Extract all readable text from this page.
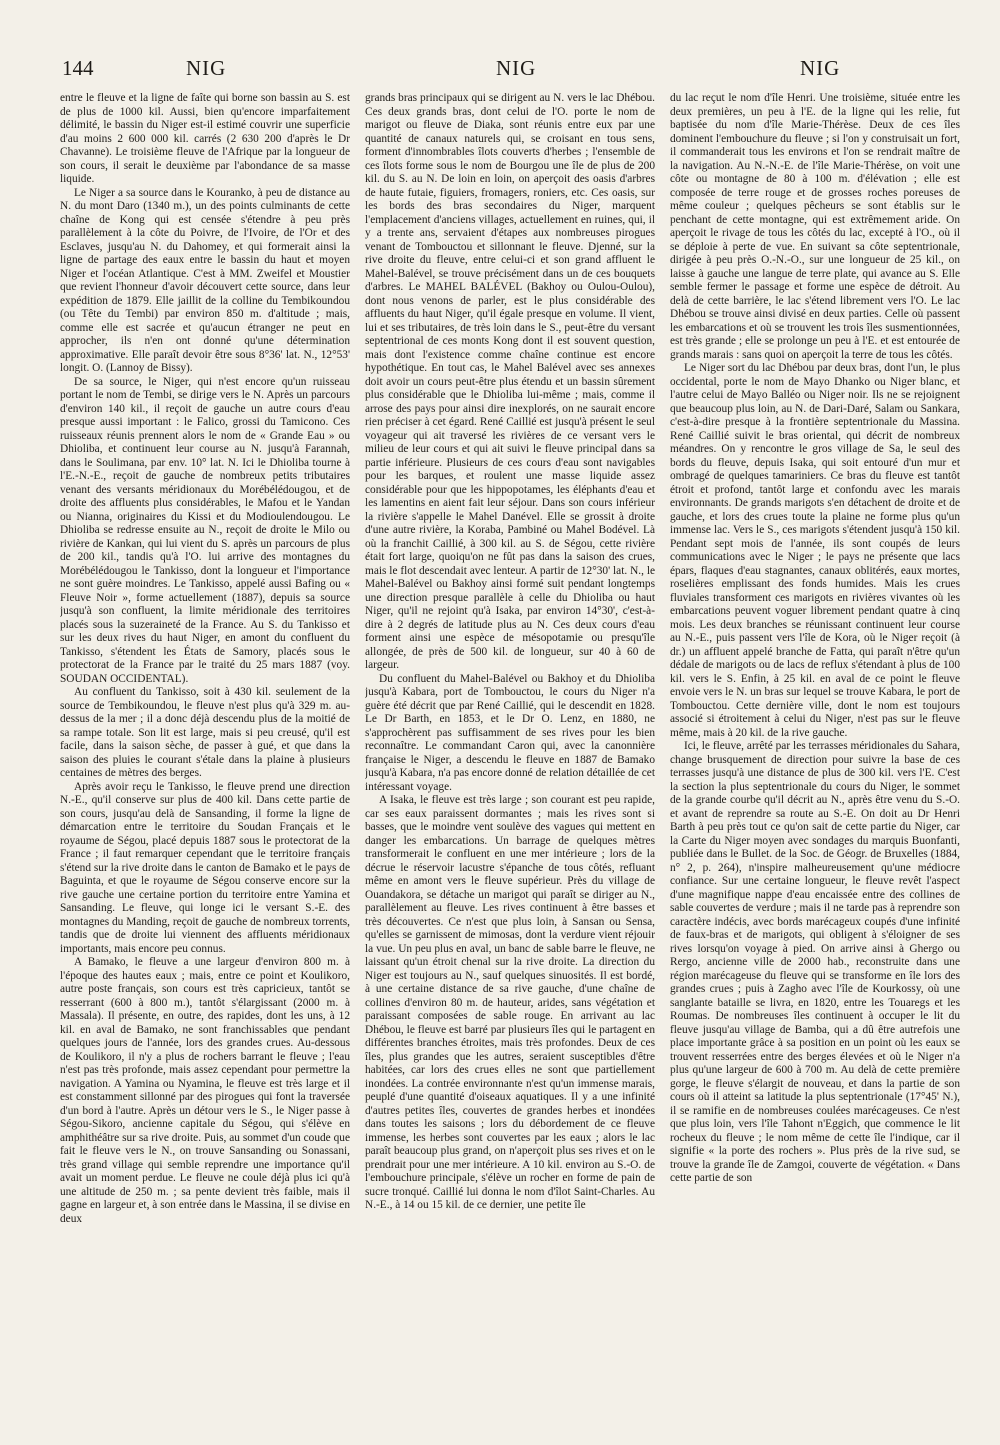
144	NIG	NIG	NIG

entre le fleuve et la ligne de faîte qui borne son bassin au S. est de plus de 1000 kil. Aussi, bien qu'encore imparfaitement délimité, le bassin du Niger est-il estimé couvrir une superficie d'au moins 2 600 000 kil. carrés (2 630 200 d'après le Dr Chavanne). Le troisième fleuve de l'Afrique par la longueur de son cours, il serait le deuxième par l'abondance de sa masse liquide.

Le Niger a sa source dans le Kouranko, à peu de distance au N. du mont Daro (1340 m.), un des points culminants de cette chaîne de Kong qui est censée s'étendre à peu près parallèlement à la côte du Poivre, de l'Ivoire, de l'Or et des Esclaves, jusqu'au N. du Dahomey, et qui formerait ainsi la ligne de partage des eaux entre le bassin du haut et moyen Niger et l'océan Atlantique. C'est à MM. Zweifel et Moustier que revient l'honneur d'avoir découvert cette source, dans leur expédition de 1879. Elle jaillit de la colline du Tembikoundou (ou Tête du Tembi) par environ 850 m. d'altitude ; mais, comme elle est sacrée et qu'aucun étranger ne peut en approcher, ils n'en ont donné qu'une détermination approximative. Elle paraît devoir être sous 8°36' lat. N., 12°53' longit. O. (Lannoy de Bissy).

De sa source, le Niger, qui n'est encore qu'un ruisseau portant le nom de Tembi, se dirige vers le N. Après un parcours d'environ 140 kil., il reçoit de gauche un autre cours d'eau presque aussi important : le Falico, grossi du Tamicono. Ces ruisseaux réunis prennent alors le nom de « Grande Eau » ou Dhioliba, et continuent leur course au N. jusqu'à Farannah, dans le Soulimana, par env. 10° lat. N. Ici le Dhioliba tourne à l'E.-N.-E., reçoit de gauche de nombreux petits tributaires venant des versants méridionaux du Morébélédougou, et de droite des affluents plus considérables, le Mafou et le Yandan ou Nianna, originaires du Kissi et du Modioulendougou. Le Dhioliba se redresse ensuite au N., reçoit de droite le Milo ou rivière de Kankan, qui lui vient du S. après un parcours de plus de 200 kil., tandis qu'à l'O. lui arrive des montagnes du Morébélédougou le Tankisso, dont la longueur et l'importance ne sont guère moindres. Le Tankisso, appelé aussi Bafing ou « Fleuve Noir », forme actuellement (1887), depuis sa source jusqu'à son confluent, la limite méridionale des territoires placés sous la suzeraineté de la France. Au S. du Tankisso et sur les deux rives du haut Niger, en amont du confluent du Tankisso, s'étendent les États de Samory, placés sous le protectorat de la France par le traité du 25 mars 1887 (voy. SOUDAN OCCIDENTAL).

Au confluent du Tankisso, soit à 430 kil. seulement de la source de Tembikoundou, le fleuve n'est plus qu'à 329 m. au-dessus de la mer ; il a donc déjà descendu plus de la moitié de sa rampe totale. Son lit est large, mais si peu creusé, qu'il est facile, dans la saison sèche, de passer à gué, et que dans la saison des pluies le courant s'étale dans la plaine à plusieurs centaines de mètres des berges.

Après avoir reçu le Tankisso, le fleuve prend une direction N.-E., qu'il conserve sur plus de 400 kil. Dans cette partie de son cours, jusqu'au delà de Sansanding, il forme la ligne de démarcation entre le territoire du Soudan Français et le royaume de Ségou, placé depuis 1887 sous le protectorat de la France ; il faut remarquer cependant que le territoire français s'étend sur la rive droite dans le canton de Bamako et le pays de Baguinta, et que le royaume de Ségou conserve encore sur la rive gauche une certaine portion du territoire entre Yamina et Sansanding. Le fleuve, qui longe ici le versant S.-E. des montagnes du Manding, reçoit de gauche de nombreux torrents, tandis que de droite lui viennent des affluents méridionaux importants, mais encore peu connus.

A Bamako, le fleuve a une largeur d'environ 800 m. à l'époque des hautes eaux ; mais, entre ce point et Koulikoro, autre poste français, son cours est très capricieux, tantôt se resserrant (600 à 800 m.), tantôt s'élargissant (2000 m. à Massala). Il présente, en outre, des rapides, dont les uns, à 12 kil. en aval de Bamako, ne sont franchissables que pendant quelques jours de l'année, lors des grandes crues. Au-dessous de Koulikoro, il n'y a plus de rochers barrant le fleuve ; l'eau n'est pas très profonde, mais assez cependant pour permettre la navigation. A Yamina ou Nyamina, le fleuve est très large et il est constamment sillonné par des pirogues qui font la traversée d'un bord à l'autre. Après un détour vers le S., le Niger passe à Ségou-Sikoro, ancienne capitale du Ségou, qui s'élève en amphithéâtre sur sa rive droite. Puis, au sommet d'un coude que fait le fleuve vers le N., on trouve Sansanding ou Sonassani, très grand village qui semble reprendre une importance qu'il avait un moment perdue. Le fleuve ne coule déjà plus ici qu'à une altitude de 250 m. ; sa pente devient très faible, mais il gagne en largeur et, à son entrée dans le Massina, il se divise en deux

grands bras principaux qui se dirigent au N. vers le lac Dhébou. Ces deux grands bras, dont celui de l'O. porte le nom de marigot ou fleuve de Diaka, sont réunis entre eux par une quantité de canaux naturels qui, se croisant en tous sens, forment d'innombrables îlots couverts d'herbes ; l'ensemble de ces îlots forme sous le nom de Bourgou une île de plus de 200 kil. du S. au N. De loin en loin, on aperçoit des oasis d'arbres de haute futaie, figuiers, fromagers, roniers, etc. Ces oasis, sur les bords des bras secondaires du Niger, marquent l'emplacement d'anciens villages, actuellement en ruines, qui, il y a trente ans, servaient d'étapes aux nombreuses pirogues venant de Tombouctou et sillonnant le fleuve. Djenné, sur la rive droite du fleuve, entre celui-ci et son grand affluent le Mahel-Balével, se trouve précisément dans un de ces bouquets d'arbres. Le MAHEL BALÉVEL (Bakhoy ou Oulou-Oulou), dont nous venons de parler, est le plus considérable des affluents du haut Niger, qu'il égale presque en volume. Il vient, lui et ses tributaires, de très loin dans le S., peut-être du versant septentrional de ces monts Kong dont il est souvent question, mais dont l'existence comme chaîne continue est encore hypothétique. En tout cas, le Mahel Balével avec ses annexes doit avoir un cours peut-être plus étendu et un bassin sûrement plus considérable que le Dhioliba lui-même ; mais, comme il arrose des pays pour ainsi dire inexplorés, on ne saurait encore rien préciser à cet égard. René Caillié est jusqu'à présent le seul voyageur qui ait traversé les rivières de ce versant vers le milieu de leur cours et qui ait suivi le fleuve principal dans sa partie inférieure. Plusieurs de ces cours d'eau sont navigables pour les barques, et roulent une masse liquide assez considérable pour que les hippopotames, les éléphants d'eau et les lamentins en aient fait leur séjour. Dans son cours inférieur la rivière s'appelle le Mahel Danével. Elle se grossit à droite d'une autre rivière, la Koraba, Pambiné ou Mahel Bodével. Là où la franchit Caillié, à 300 kil. au S. de Ségou, cette rivière était fort large, quoiqu'on ne fût pas dans la saison des crues, mais le flot descendait avec lenteur. A partir de 12°30' lat. N., le Mahel-Balével ou Bakhoy ainsi formé suit pendant longtemps une direction presque parallèle à celle du Dhioliba ou haut Niger, qu'il ne rejoint qu'à Isaka, par environ 14°30', c'est-à-dire à 2 degrés de latitude plus au N. Ces deux cours d'eau forment ainsi une espèce de mésopotamie ou presqu'île allongée, de près de 500 kil. de longueur, sur 40 à 60 de largeur.

Du confluent du Mahel-Balével ou Bakhoy et du Dhioliba jusqu'à Kabara, port de Tombouctou, le cours du Niger n'a guère été décrit que par René Caillié, qui le descendit en 1828. Le Dr Barth, en 1853, et le Dr O. Lenz, en 1880, ne s'approchèrent pas suffisamment de ses rives pour les bien reconnaître. Le commandant Caron qui, avec la canonnière française le Niger, a descendu le fleuve en 1887 de Bamako jusqu'à Kabara, n'a pas encore donné de relation détaillée de cet intéressant voyage.

A Isaka, le fleuve est très large ; son courant est peu rapide, car ses eaux paraissent dormantes ; mais les rives sont si basses, que le moindre vent soulève des vagues qui mettent en danger les embarcations. Un barrage de quelques mètres transformerait le confluent en une mer intérieure ; lors de la décrue le réservoir lacustre s'épanche de tous côtés, refluant même en amont vers le fleuve supérieur. Près du village de Ouandakora, se détache un marigot qui paraît se diriger au N., parallèlement au fleuve. Les rives continuent à être basses et très découvertes. Ce n'est que plus loin, à Sansan ou Sensa, qu'elles se garnissent de mimosas, dont la verdure vient réjouir la vue. Un peu plus en aval, un banc de sable barre le fleuve, ne laissant qu'un étroit chenal sur la rive droite. La direction du Niger est toujours au N., sauf quelques sinuosités. Il est bordé, à une certaine distance de sa rive gauche, d'une chaîne de collines d'environ 80 m. de hauteur, arides, sans végétation et paraissant composées de sable rouge. En arrivant au lac Dhébou, le fleuve est barré par plusieurs îles qui le partagent en différentes branches étroites, mais très profondes. Deux de ces îles, plus grandes que les autres, seraient susceptibles d'être habitées, car lors des crues elles ne sont que partiellement inondées. La contrée environnante n'est qu'un immense marais, peuplé d'une quantité d'oiseaux aquatiques. Il y a une infinité d'autres petites îles, couvertes de grandes herbes et inondées dans toutes les saisons ; lors du débordement de ce fleuve immense, les herbes sont couvertes par les eaux ; alors le lac paraît beaucoup plus grand, on n'aperçoit plus ses rives et on le prendrait pour une mer intérieure. A 10 kil. environ au S.-O. de l'embouchure principale, s'élève un rocher en forme de pain de sucre tronqué. Caillié lui donna le nom d'îlot Saint-Charles. Au N.-E., à 14 ou 15 kil. de ce dernier, une petite île

du lac reçut le nom d'île Henri. Une troisième, située entre les deux premières, un peu à l'E. de la ligne qui les relie, fut baptisée du nom d'île Marie-Thérèse. Deux de ces îles dominent l'embouchure du fleuve ; si l'on y construisait un fort, il commanderait tous les environs et l'on se rendrait maître de la navigation. Au N.-N.-E. de l'île Marie-Thérèse, on voit une côte ou montagne de 80 à 100 m. d'élévation ; elle est composée de terre rouge et de grosses roches poreuses de même couleur ; quelques pêcheurs se sont établis sur le penchant de cette montagne, qui est extrêmement aride. On aperçoit le rivage de tous les côtés du lac, excepté à l'O., où il se déploie à perte de vue. En suivant sa côte septentrionale, dirigée à peu près O.-N.-O., sur une longueur de 25 kil., on laisse à gauche une langue de terre plate, qui avance au S. Elle semble fermer le passage et forme une espèce de détroit. Au delà de cette barrière, le lac s'étend librement vers l'O. Le lac Dhébou se trouve ainsi divisé en deux parties. Celle où passent les embarcations et où se trouvent les trois îles susmentionnées, est très grande ; elle se prolonge un peu à l'E. et est entourée de grands marais : sans quoi on aperçoit la terre de tous les côtés.

Le Niger sort du lac Dhébou par deux bras, dont l'un, le plus occidental, porte le nom de Mayo Dhanko ou Niger blanc, et l'autre celui de Mayo Balléo ou Niger noir. Ils ne se rejoignent que beaucoup plus loin, au N. de Dari-Daré, Salam ou Sankara, c'est-à-dire presque à la frontière septentrionale du Massina. René Caillié suivit le bras oriental, qui décrit de nombreux méandres. On y rencontre le gros village de Sa, le seul des bords du fleuve, depuis Isaka, qui soit entouré d'un mur et ombragé de quelques tamariniers. Ce bras du fleuve est tantôt étroit et profond, tantôt large et confondu avec les marais environnants. De grands marigots s'en détachent de droite et de gauche, et lors des crues toute la plaine ne forme plus qu'un immense lac. Vers le S., ces marigots s'étendent jusqu'à 150 kil. Pendant sept mois de l'année, ils sont coupés de leurs communications avec le Niger ; le pays ne présente que lacs épars, flaques d'eau stagnantes, canaux oblitérés, eaux mortes, roselières emplissant des fonds humides. Mais les crues fluviales transforment ces marigots en rivières vivantes où les embarcations peuvent voguer librement pendant quatre à cinq mois. Les deux branches se réunissant continuent leur course au N.-E., puis passent vers l'île de Kora, où le Niger reçoit (à dr.) un affluent appelé branche de Fatta, qui paraît n'être qu'un dédale de marigots ou de lacs de reflux s'étendant à plus de 100 kil. vers le S. Enfin, à 25 kil. en aval de ce point le fleuve envoie vers le N. un bras sur lequel se trouve Kabara, le port de Tombouctou. Cette dernière ville, dont le nom est toujours associé si étroitement à celui du Niger, n'est pas sur le fleuve même, mais à 20 kil. de la rive gauche.

Ici, le fleuve, arrêté par les terrasses méridionales du Sahara, change brusquement de direction pour suivre la base de ces terrasses jusqu'à une distance de plus de 300 kil. vers l'E. C'est la section la plus septentrionale du cours du Niger, le sommet de la grande courbe qu'il décrit au N., après être venu du S.-O. et avant de reprendre sa route au S.-E. On doit au Dr Henri Barth à peu près tout ce qu'on sait de cette partie du Niger, car la Carte du Niger moyen avec sondages du marquis Buonfanti, publiée dans le Bullet. de la Soc. de Géogr. de Bruxelles (1884, n° 2, p. 264), n'inspire malheureusement qu'une médiocre confiance. Sur une certaine longueur, le fleuve revêt l'aspect d'une magnifique nappe d'eau encaissée entre des collines de sable couvertes de verdure ; mais il ne tarde pas à reprendre son caractère indécis, avec bords marécageux coupés d'une infinité de faux-bras et de marigots, qui obligent à s'éloigner de ses rives lorsqu'on voyage à pied. On arrive ainsi à Ghergo ou Rergo, ancienne ville de 2000 hab., reconstruite dans une région marécageuse du fleuve qui se transforme en île lors des grandes crues ; puis à Zagho avec l'île de Kourkossy, où une sanglante bataille se livra, en 1820, entre les Touaregs et les Roumas. De nombreuses îles continuent à occuper le lit du fleuve jusqu'au village de Bamba, qui a dû être autrefois une place importante grâce à sa position en un point où les eaux se trouvent resserrées entre des berges élevées et où le Niger n'a plus qu'une largeur de 600 à 700 m. Au delà de cette première gorge, le fleuve s'élargit de nouveau, et dans la partie de son cours où il atteint sa latitude la plus septentrionale (17°45' N.), il se ramifie en de nombreuses coulées marécageuses. Ce n'est que plus loin, vers l'île Tahont n'Eggich, que commence le lit rocheux du fleuve ; le nom même de cette île l'indique, car il signifie « la porte des rochers ». Plus près de la rive sud, se trouve la grande île de Zamgoi, couverte de végétation. « Dans cette partie de son
